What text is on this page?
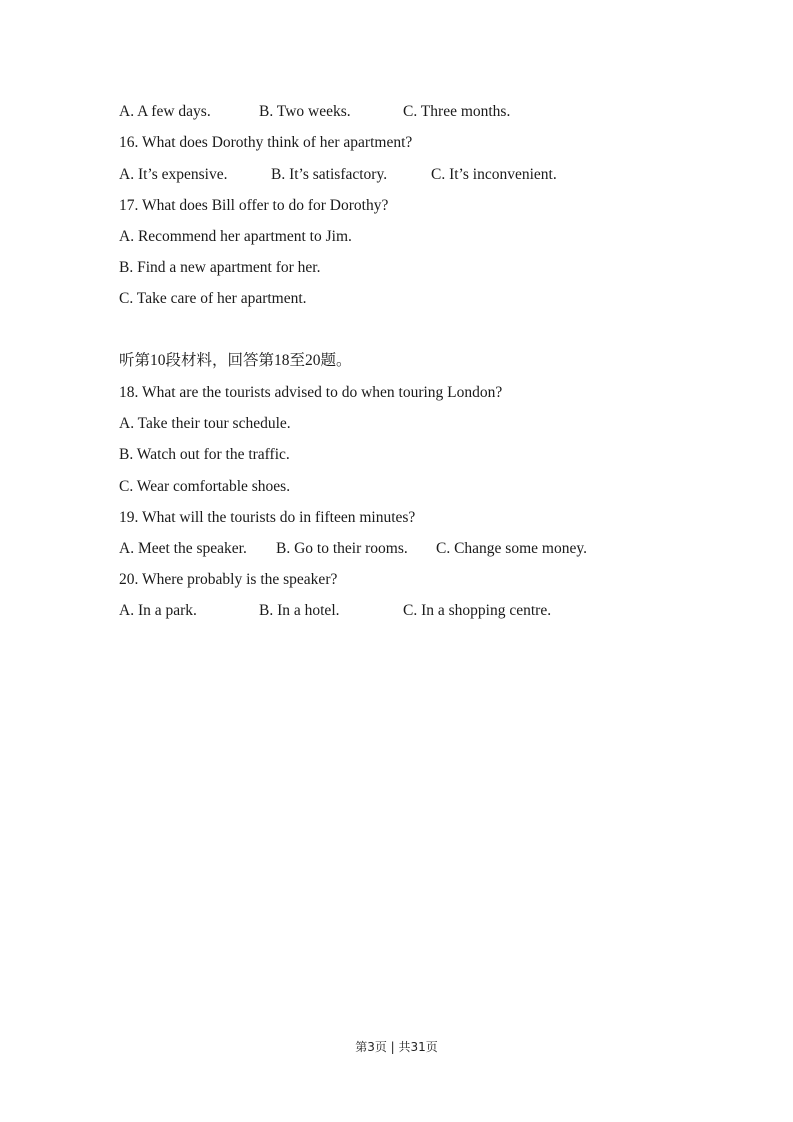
A. A few days.	B. Two weeks.	C. Three months.
16. What does Dorothy think of her apartment?
A. It’s expensive.	B. It’s satisfactory.	C. It’s inconvenient.
17. What does Bill offer to do for Dorothy?
A. Recommend her apartment to Jim.
B. Find a new apartment for her.
C. Take care of her apartment.
听第10段材料，回答第18至20题。
18. What are the tourists advised to do when touring London?
A. Take their tour schedule.
B. Watch out for the traffic.
C. Wear comfortable shoes.
19. What will the tourists do in fifteen minutes?
A. Meet the speaker. B. Go to their rooms. C. Change some money.
20. Where probably is the speaker?
A. In a park.	B. In a hotel.	C. In a shopping centre.
第3页 | 共31页
